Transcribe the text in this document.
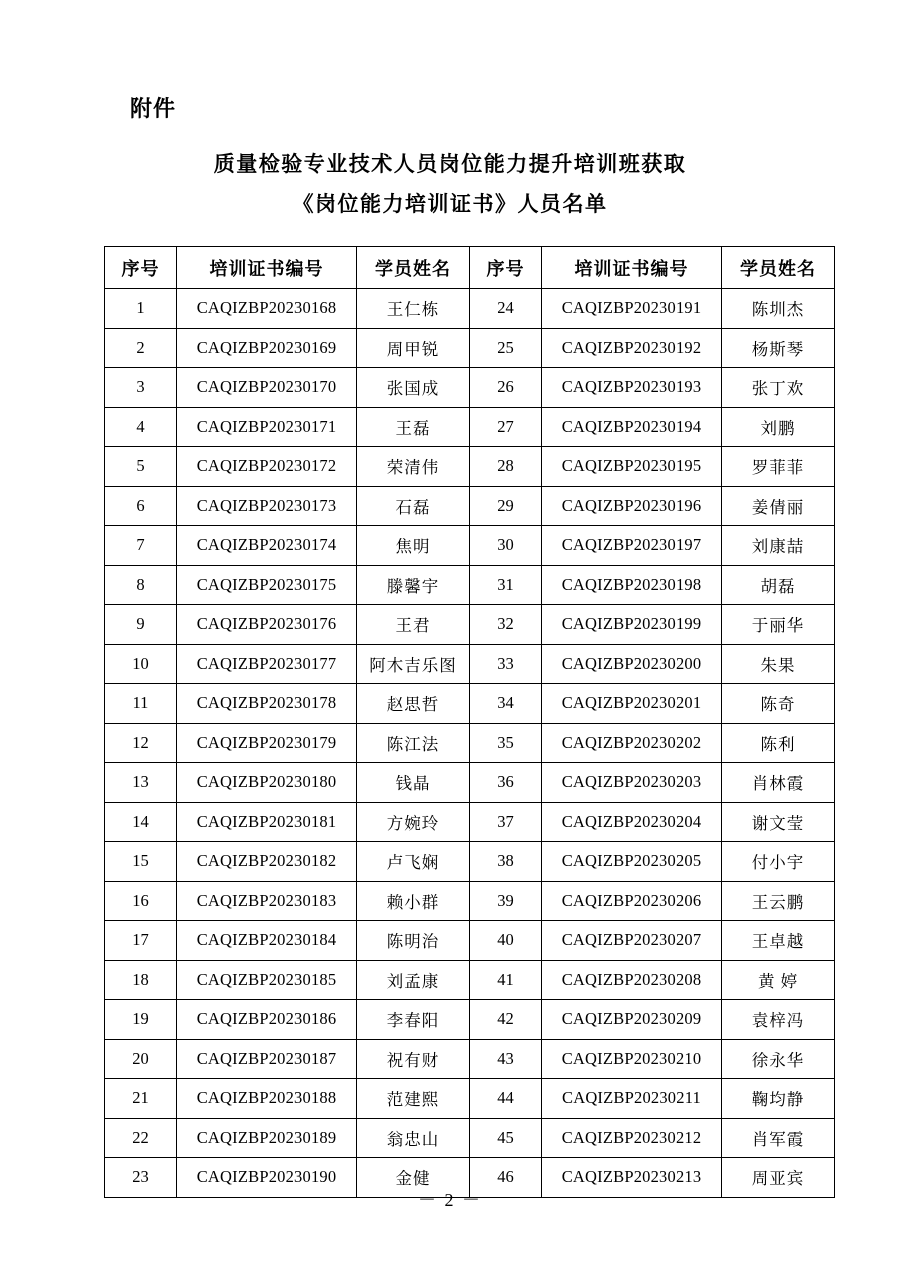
附件
质量检验专业技术人员岗位能力提升培训班获取
《岗位能力培训证书》人员名单
序号	培训证书编号	学员姓名	序号	培训证书编号	学员姓名
1	CAQIZBP20230168	王仁栋	24	CAQIZBP20230191	陈圳杰
2	CAQIZBP20230169	周甲锐	25	CAQIZBP20230192	杨斯琴
3	CAQIZBP20230170	张国成	26	CAQIZBP20230193	张丁欢
4	CAQIZBP20230171	王磊	27	CAQIZBP20230194	刘鹏
5	CAQIZBP20230172	荣清伟	28	CAQIZBP20230195	罗菲菲
6	CAQIZBP20230173	石磊	29	CAQIZBP20230196	姜倩丽
7	CAQIZBP20230174	焦明	30	CAQIZBP20230197	刘康喆
8	CAQIZBP20230175	滕馨宇	31	CAQIZBP20230198	胡磊
9	CAQIZBP20230176	王君	32	CAQIZBP20230199	于丽华
10	CAQIZBP20230177	阿木吉乐图	33	CAQIZBP20230200	朱果
11	CAQIZBP20230178	赵思哲	34	CAQIZBP20230201	陈奇
12	CAQIZBP20230179	陈江法	35	CAQIZBP20230202	陈利
13	CAQIZBP20230180	钱晶	36	CAQIZBP20230203	肖林霞
14	CAQIZBP20230181	方婉玲	37	CAQIZBP20230204	谢文莹
15	CAQIZBP20230182	卢飞娴	38	CAQIZBP20230205	付小宇
16	CAQIZBP20230183	赖小群	39	CAQIZBP20230206	王云鹏
17	CAQIZBP20230184	陈明治	40	CAQIZBP20230207	王卓越
18	CAQIZBP20230185	刘孟康	41	CAQIZBP20230208	黄 婷
19	CAQIZBP20230186	李春阳	42	CAQIZBP20230209	袁梓冯
20	CAQIZBP20230187	祝有财	43	CAQIZBP20230210	徐永华
21	CAQIZBP20230188	范建熙	44	CAQIZBP20230211	鞠均静
22	CAQIZBP20230189	翁忠山	45	CAQIZBP20230212	肖军霞
23	CAQIZBP20230190	金健	46	CAQIZBP20230213	周亚宾
－ 2 －
